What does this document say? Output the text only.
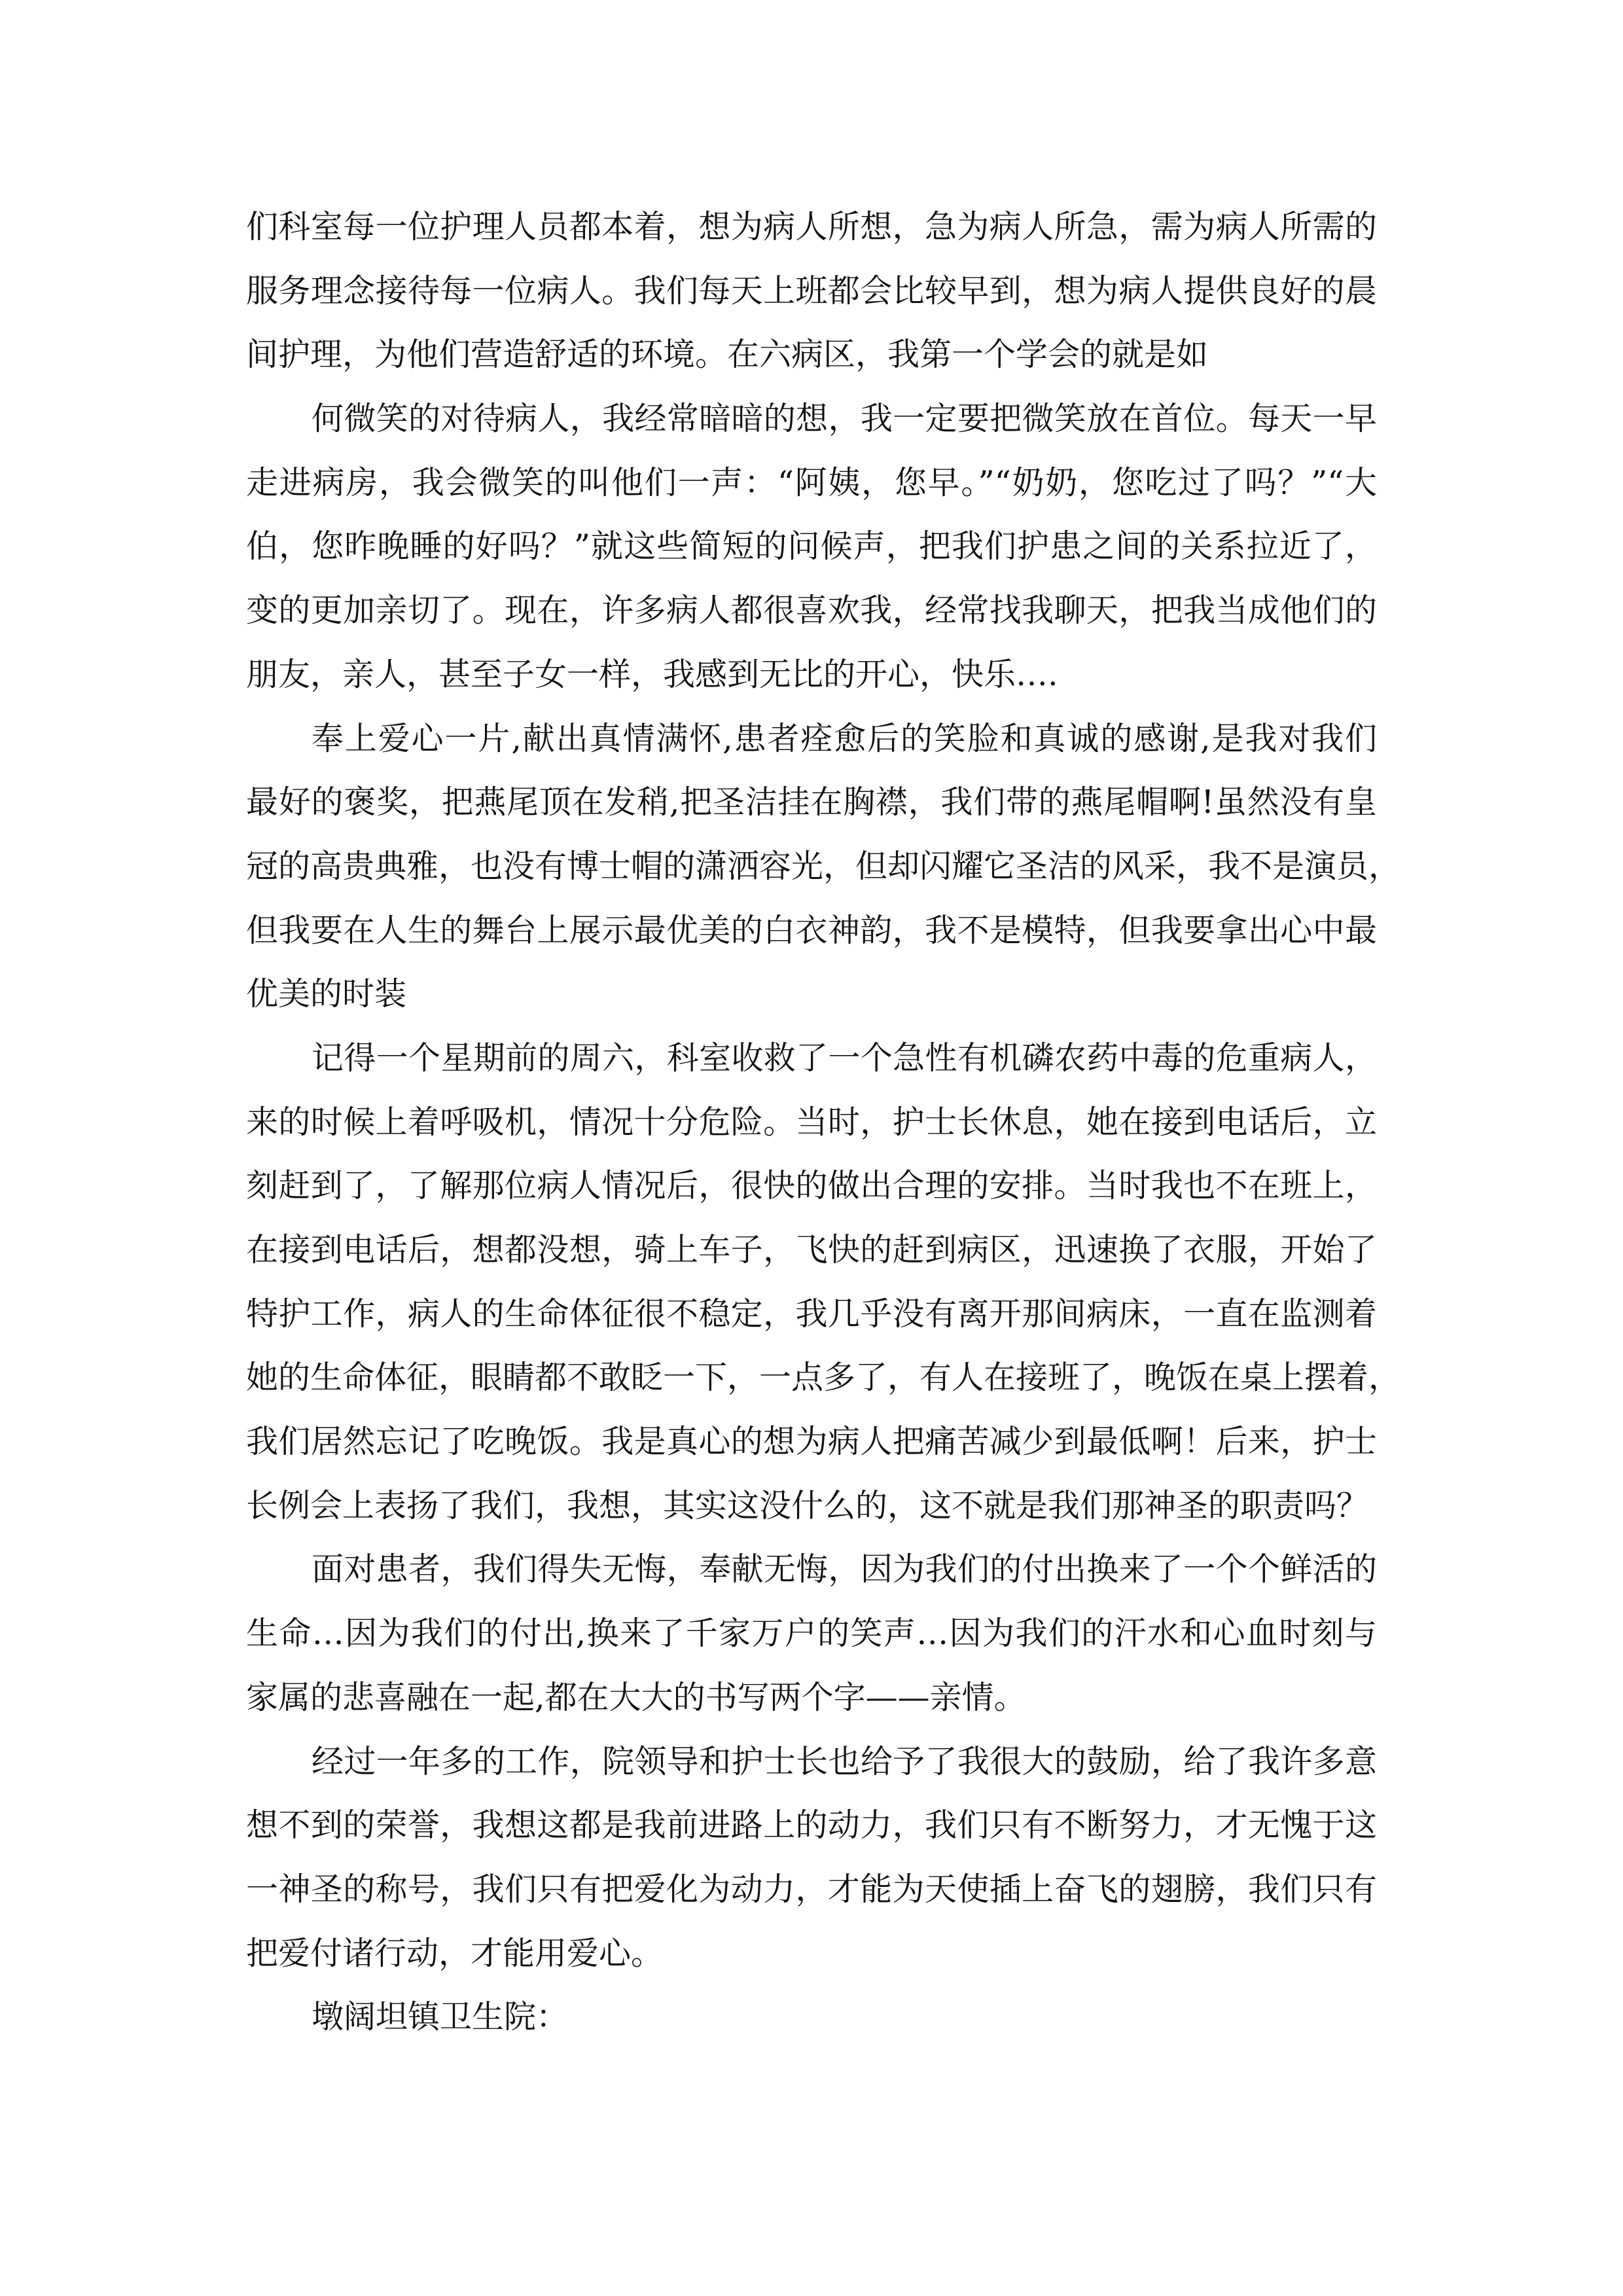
们科室每一位护理人员都本着，想为病人所想，急为病人所急，需为病人所需的
服务理念接待每一位病人。我们每天上班都会比较早到，想为病人提供良好的晨
间护理，为他们营造舒适的环境。在六病区，我第一个学会的就是如
何微笑的对待病人，我经常暗暗的想，我一定要把微笑放在首位。每天一早
走进病房，我会微笑的叫他们一声：“阿姨，您早。”“奶奶，您吃过了吗？”“大
伯，您昨晚睡的好吗？”就这些简短的问候声，把我们护患之间的关系拉近了，
变的更加亲切了。现在，许多病人都很喜欢我，经常找我聊天，把我当成他们的
朋友，亲人，甚至子女一样，我感到无比的开心，快乐….
奉上爱心一片,献出真情满怀,患者痊愈后的笑脸和真诚的感谢,是我对我们
最好的褒奖，把燕尾顶在发稍,把圣洁挂在胸襟，我们带的燕尾帽啊!虽然没有皇
冠的高贵典雅，也没有博士帽的潇洒容光，但却闪耀它圣洁的风采，我不是演员，
但我要在人生的舞台上展示最优美的白衣神韵，我不是模特，但我要拿出心中最
优美的时装
记得一个星期前的周六，科室收救了一个急性有机磷农药中毒的危重病人，
来的时候上着呼吸机，情况十分危险。当时，护士长休息，她在接到电话后，立
刻赶到了，了解那位病人情况后，很快的做出合理的安排。当时我也不在班上，
在接到电话后，想都没想，骑上车子，飞快的赶到病区，迅速换了衣服，开始了
特护工作，病人的生命体征很不稳定，我几乎没有离开那间病床，一直在监测着
她的生命体征，眼睛都不敢眨一下，一点多了，有人在接班了，晚饭在桌上摆着，
我们居然忘记了吃晚饭。我是真心的想为病人把痛苦减少到最低啊！后来，护士
长例会上表扬了我们，我想，其实这没什么的，这不就是我们那神圣的职责吗？
面对患者，我们得失无悔，奉献无悔，因为我们的付出换来了一个个鲜活的
生命…因为我们的付出,换来了千家万户的笑声…因为我们的汗水和心血时刻与
家属的悲喜融在一起,都在大大的书写两个字——亲情。
经过一年多的工作，院领导和护士长也给予了我很大的鼓励，给了我许多意
想不到的荣誉，我想这都是我前进路上的动力，我们只有不断努力，才无愧于这
一神圣的称号，我们只有把爱化为动力，才能为天使插上奋飞的翅膀，我们只有
把爱付诸行动，才能用爱心。
墩阔坦镇卫生院：
